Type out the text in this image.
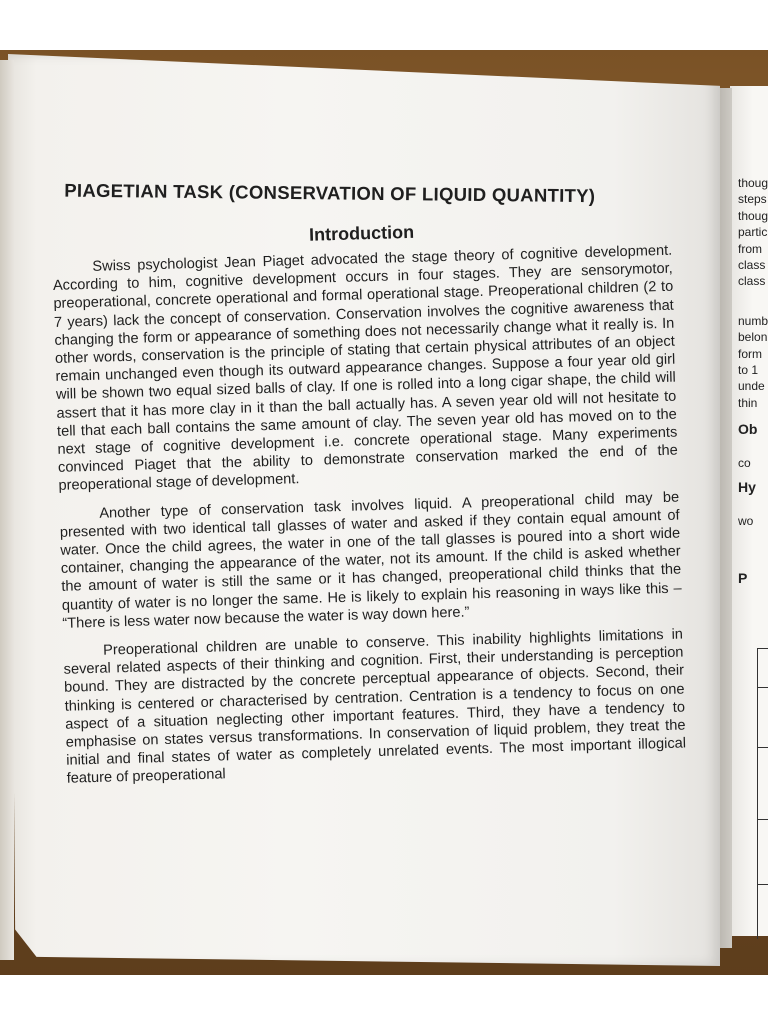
PIAGETIAN TASK (CONSERVATION OF LIQUID QUANTITY)
Introduction

Swiss psychologist Jean Piaget advocated the stage theory of cognitive development. According to him, cognitive development occurs in four stages. They are sensorymotor, preoperational, concrete operational and formal operational stage. Preoperational children (2 to 7 years) lack the concept of conservation. Conservation involves the cognitive awareness that changing the form or appearance of something does not necessarily change what it really is. In other words, conservation is the principle of stating that certain physical attributes of an object remain unchanged even though its outward appearance changes. Suppose a four year old girl will be shown two equal sized balls of clay. If one is rolled into a long cigar shape, the child will assert that it has more clay in it than the ball actually has. A seven year old will not hesitate to tell that each ball contains the same amount of clay. The seven year old has moved on to the next stage of cognitive development i.e. concrete operational stage. Many experiments convinced Piaget that the ability to demonstrate conservation marked the end of the preoperational stage of development.

Another type of conservation task involves liquid. A preoperational child may be presented with two identical tall glasses of water and asked if they contain equal amount of water. Once the child agrees, the water in one of the tall glasses is poured into a short wide container, changing the appearance of the water, not its amount. If the child is asked whether the amount of water is still the same or it has changed, preoperational child thinks that the quantity of water is no longer the same. He is likely to explain his reasoning in ways like this – “There is less water now because the water is way down here.”

Preoperational children are unable to conserve. This inability highlights limitations in several related aspects of their thinking and cognition. First, their understanding is perception bound. They are distracted by the concrete perceptual appearance of objects. Second, their thinking is centered or characterised by centration. Centration is a tendency to focus on one aspect of a situation neglecting other important features. Third, they have a tendency to emphasise on states versus transformations. In conservation of liquid problem, they treat the initial and final states of water as completely unrelated events. The most important illogical feature of preoperational

thoug
steps
thoug
partic
from
class
class
numb
belon
form
to 1
unde
thin
Ob
co
Hy
wo
P
